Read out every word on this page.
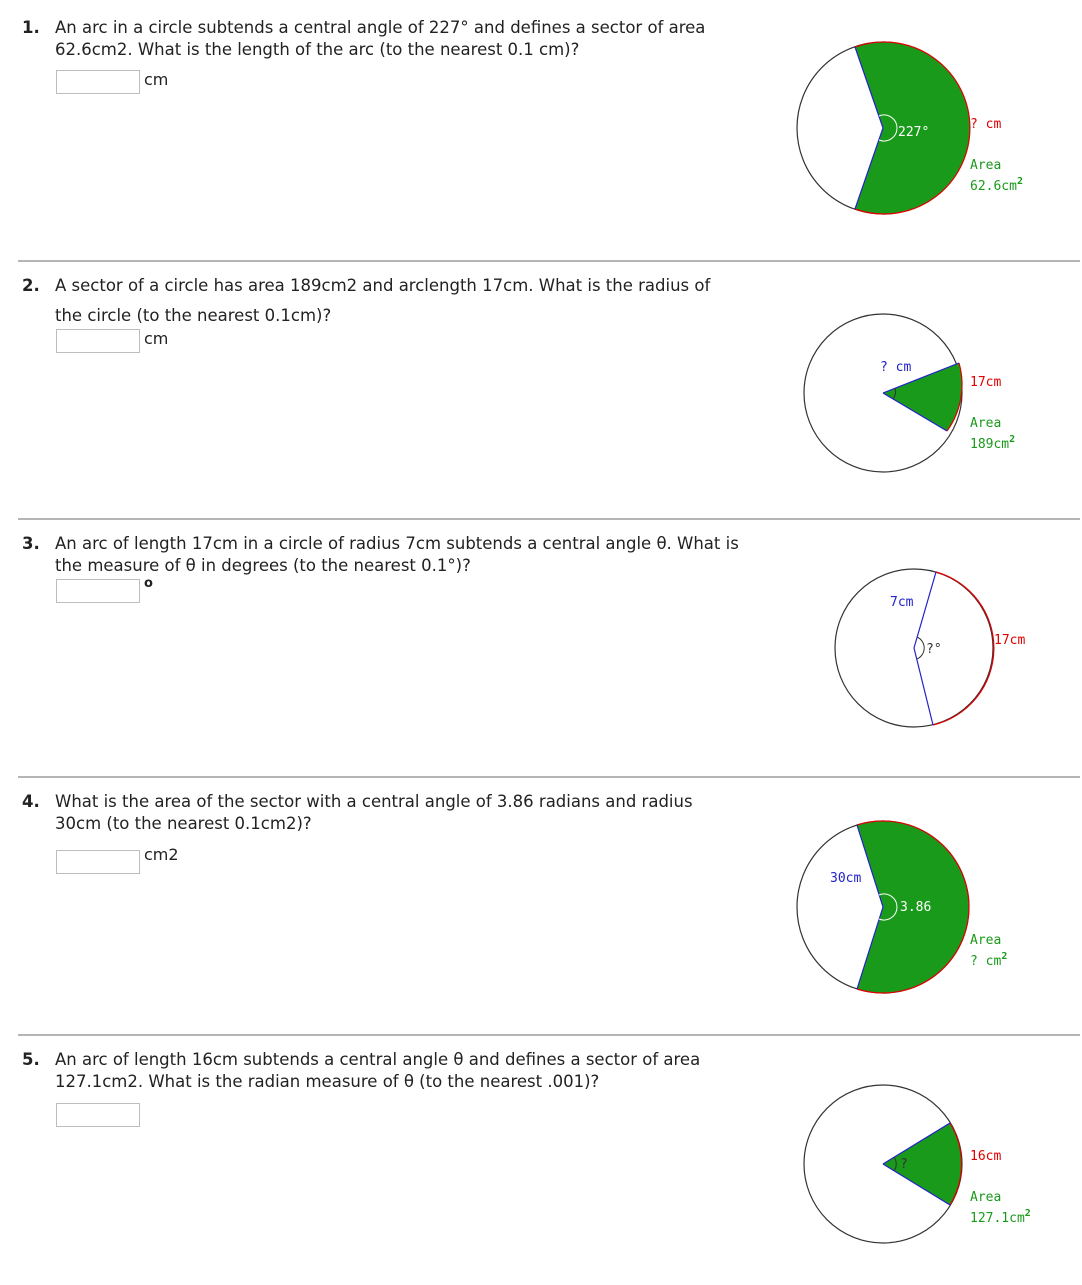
1. An arc in a circle subtends a central angle of 227° and defines a sector of area
62.6cm2. What is the length of the arc (to the nearest 0.1 cm)?
cm
227°
? cm
Area
$62.6cm^2$
2. A sector of a circle has area 189cm2 and arclength 17cm. What is the radius of
the circle (to the nearest 0.1cm)?
cm
? cm
17cm
Area
$189cm^2$
3. An arc of length 17cm in a circle of radius 7cm subtends a central angle θ. What is
the measure of θ in degrees (to the nearest 0.1°)?
o
7cm
?°
17cm
4. What is the area of the sector with a central angle of 3.86 radians and radius
30cm (to the nearest 0.1cm2)?
cm2
30cm
3.86
Area
? $cm^2$
5. An arc of length 16cm subtends a central angle θ and defines a sector of area
127.1cm2. What is the radian measure of θ (to the nearest .001)?
?
16cm
Area
$127.1cm^2$
